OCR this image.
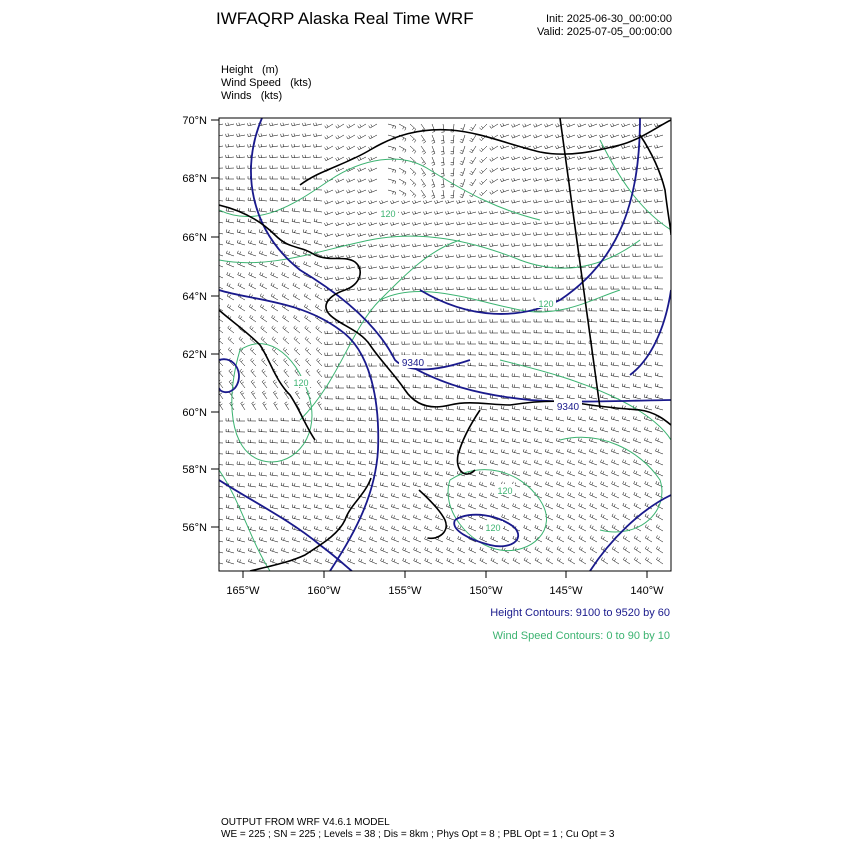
IWFAQRP Alaska Real Time WRF	Init: 2025-06-30_00:00:00
Valid: 2025-07-05_00:00:00
Height (m)
Wind Speed (kts)
Winds (kts)
9340
9340
120
120
120
120
120
70°N
68°N
66°N
64°N
62°N
60°N
58°N
56°N
165°W	160°W	155°W	150°W	145°W	140°W
Height Contours: 9100 to 9520 by 60
Wind Speed Contours: 0 to 90 by 10
OUTPUT FROM WRF V4.6.1 MODEL
WE = 225 ; SN = 225 ; Levels = 38 ; Dis = 8km ; Phys Opt = 8 ; PBL Opt = 1 ; Cu Opt = 3
